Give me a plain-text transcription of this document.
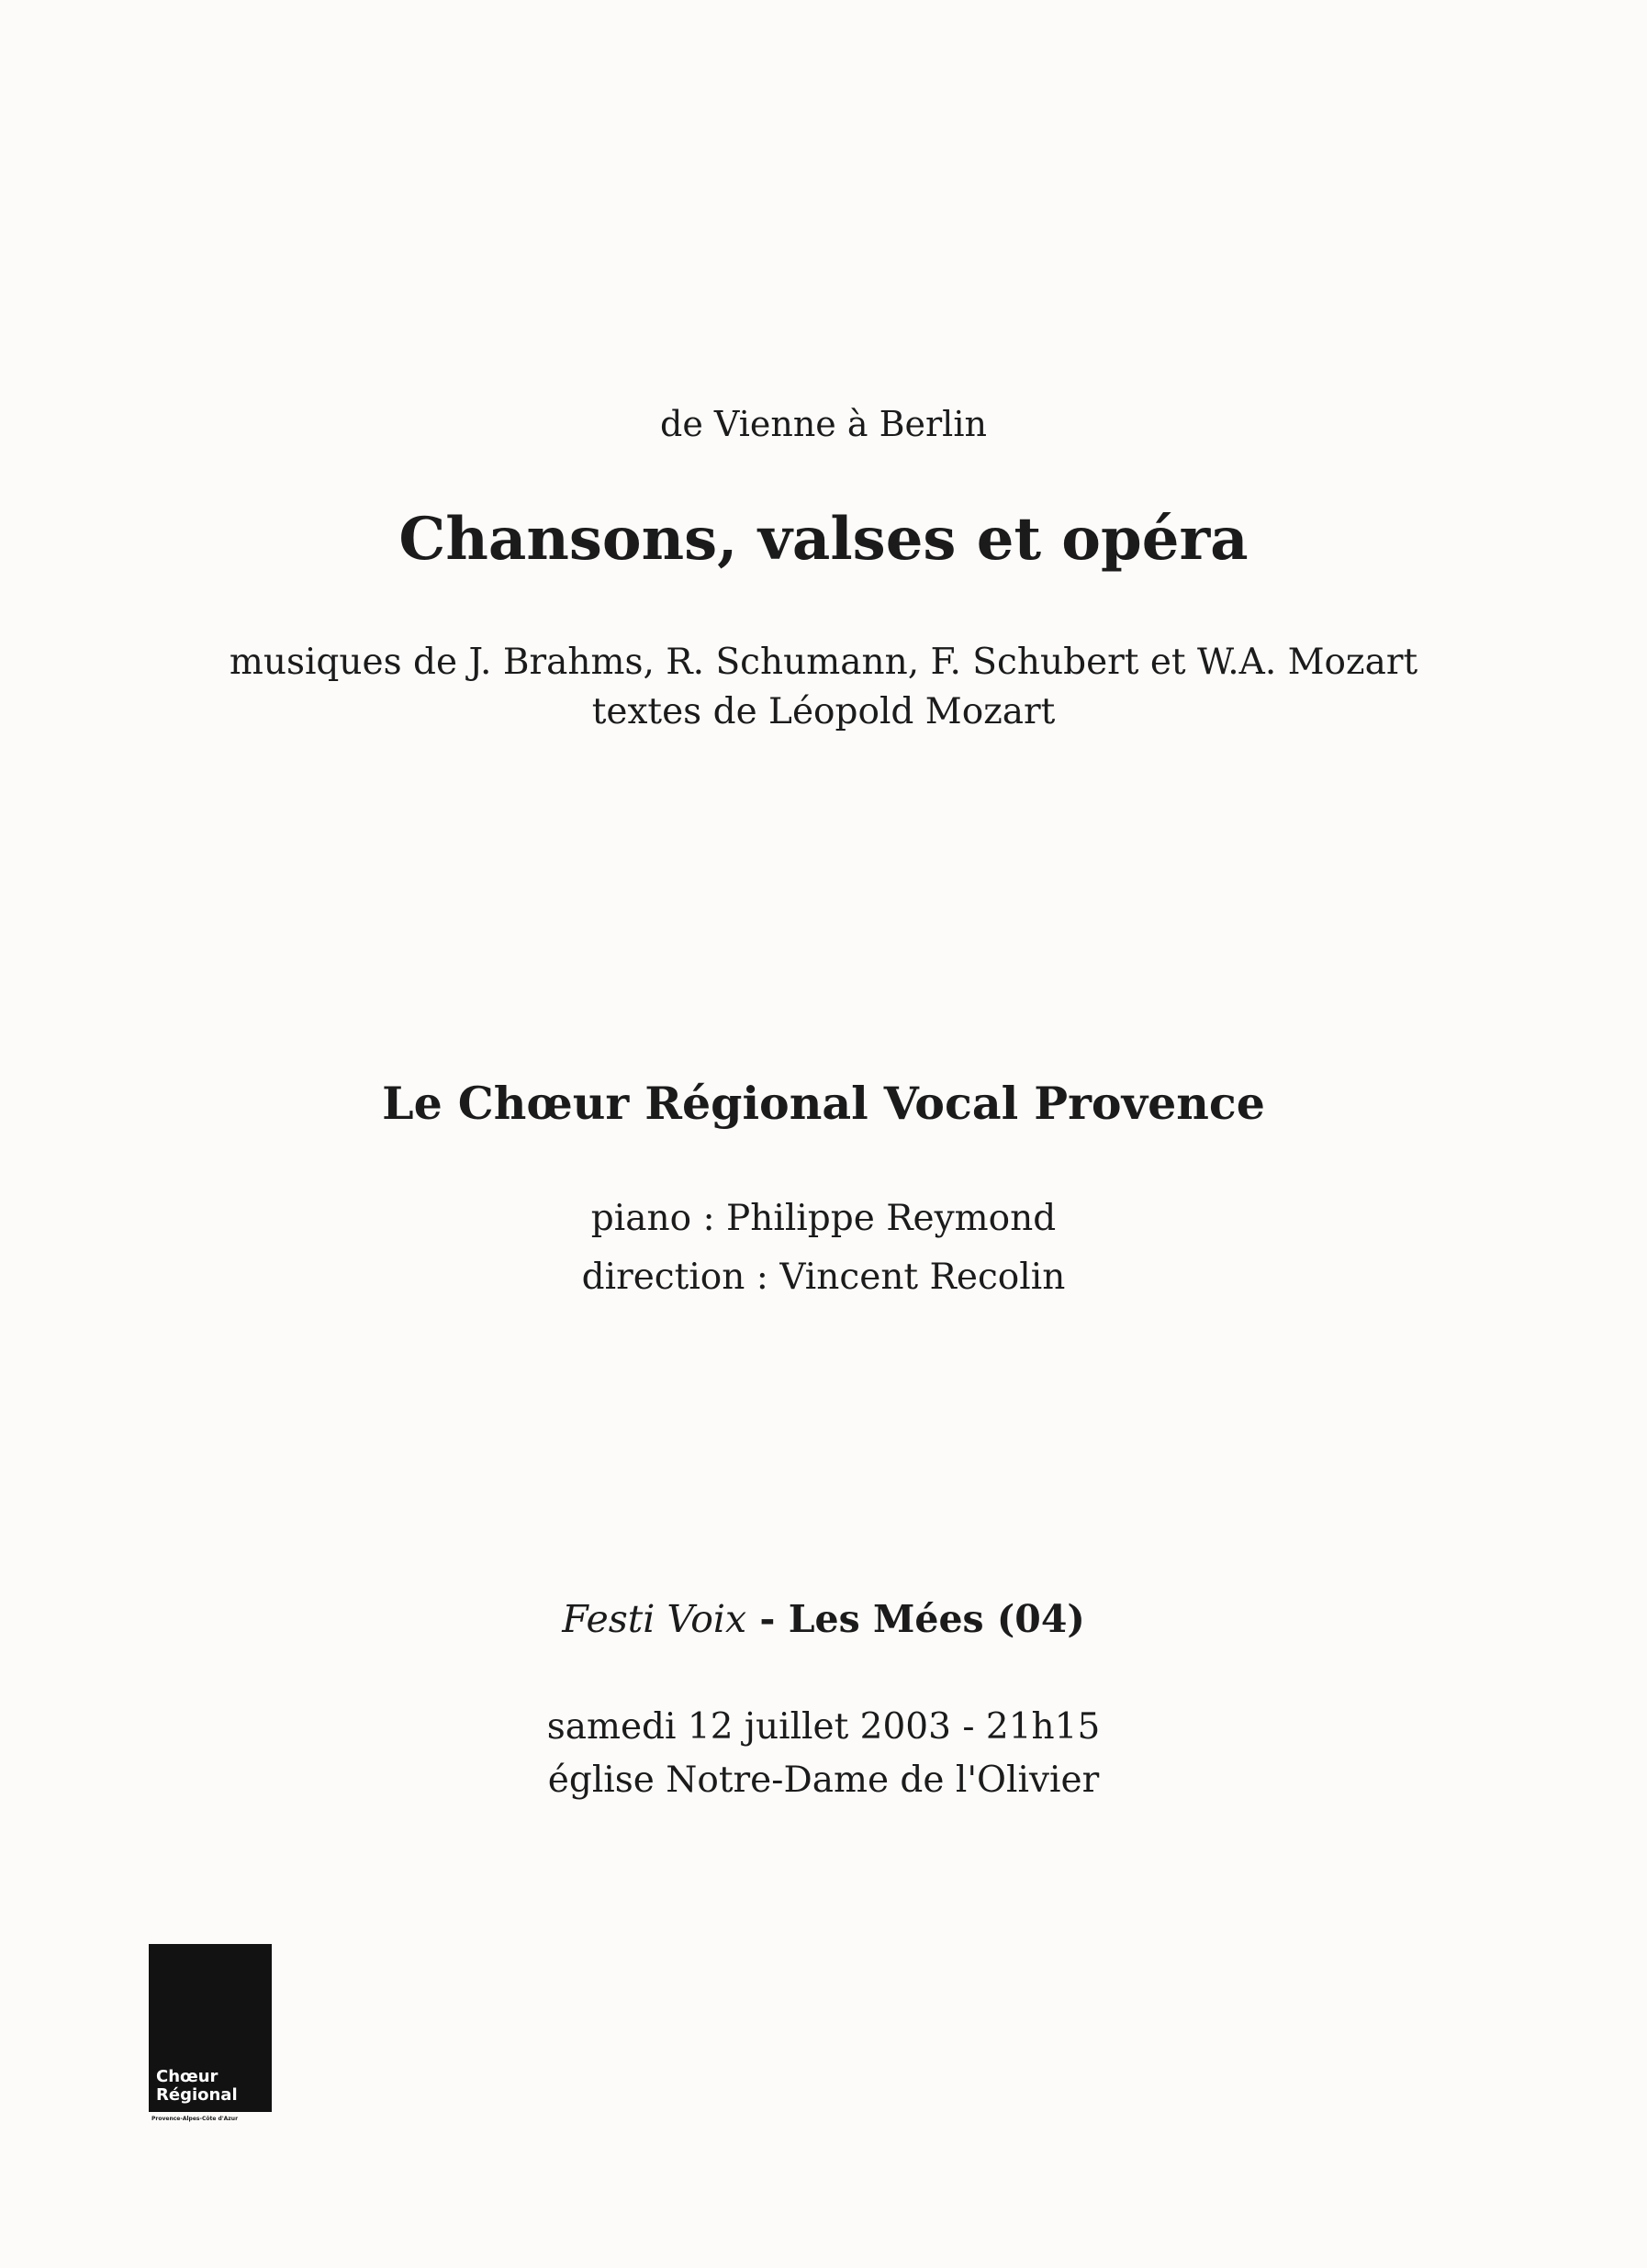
de Vienne à Berlin
Chansons, valses et opéra
musiques de J. Brahms, R. Schumann, F. Schubert et W.A. Mozart
textes de Léopold Mozart
Le Chœur Régional Vocal Provence
piano : Philippe Reymond
direction : Vincent Recolin
Festi Voix - Les Mées (04)
samedi 12 juillet 2003 - 21h15
église Notre-Dame de l'Olivier
Chœur
Régional
Provence-Alpes-Côte d'Azur
